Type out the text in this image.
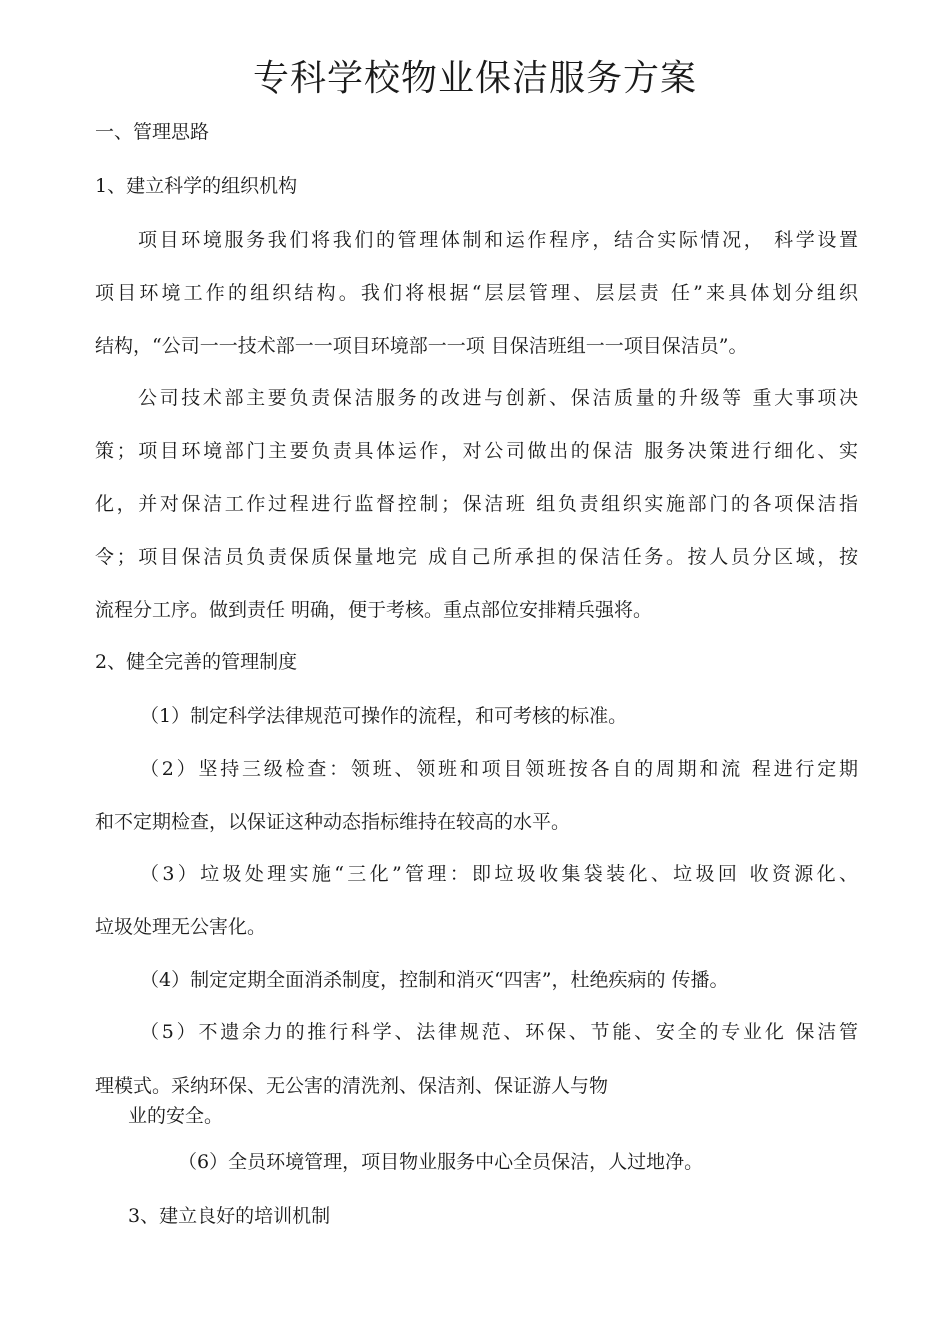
专科学校物业保洁服务方案

一、管理思路

1、建立科学的组织机构

项目环境服务我们将我们的管理体制和运作程序，结合实际情况， 科学设置

项目环境工作的组织结构。我们将根据“层层管理、层层责 任”来具体划分组织

结构，“公司一一技术部一一项目环境部一一项 目保洁班组一一项目保洁员”。

公司技术部主要负责保洁服务的改进与创新、保洁质量的升级等 重大事项决

策；项目环境部门主要负责具体运作，对公司做出的保洁 服务决策进行细化、实

化，并对保洁工作过程进行监督控制；保洁班 组负责组织实施部门的各项保洁指

令；项目保洁员负责保质保量地完 成自己所承担的保洁任务。按人员分区域，按

流程分工序。做到责任 明确，便于考核。重点部位安排精兵强将。

2、健全完善的管理制度

（1）制定科学法律规范可操作的流程，和可考核的标准。

（2）坚持三级检查：领班、领班和项目领班按各自的周期和流 程进行定期

和不定期检查，以保证这种动态指标维持在较高的水平。

（3）垃圾处理实施“三化”管理：即垃圾收集袋装化、垃圾回 收资源化、

垃圾处理无公害化。

（4）制定定期全面消杀制度，控制和消灭“四害”，杜绝疾病的 传播。

（5）不遗余力的推行科学、法律规范、环保、节能、安全的专业化 保洁管

理模式。采纳环保、无公害的清洗剂、保洁剂、保证游人与物

业的安全。

（6）全员环境管理，项目物业服务中心全员保洁，人过地净。

3、建立良好的培训机制
